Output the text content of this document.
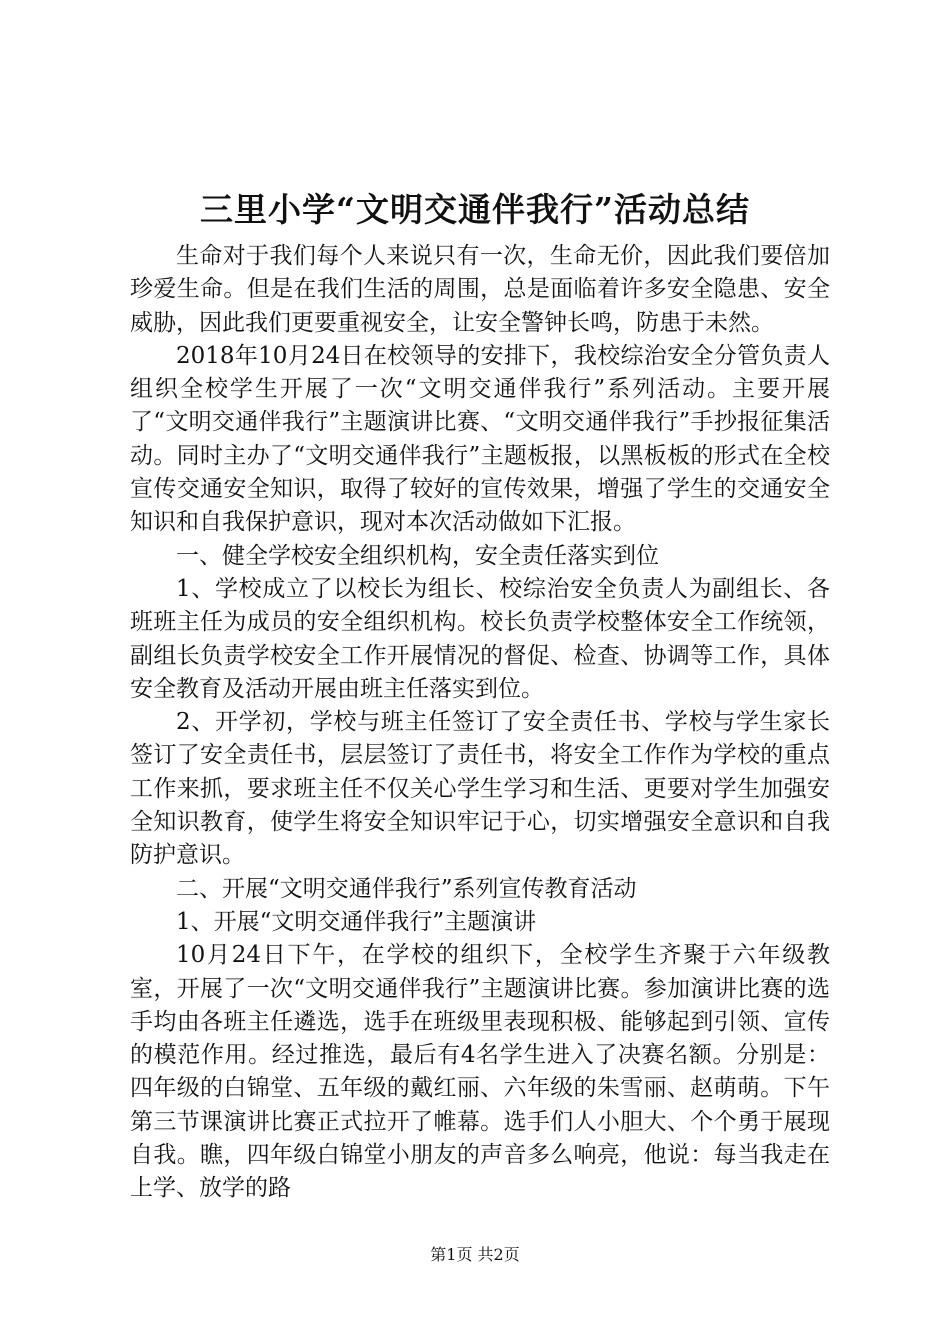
三里小学“文明交通伴我行”活动总结

生命对于我们每个人来说只有一次，生命无价，因此我们要倍加珍爱生命。但是在我们生活的周围，总是面临着许多安全隐患、安全威胁，因此我们更要重视安全，让安全警钟长鸣，防患于未然。

2018年10月24日在校领导的安排下，我校综治安全分管负责人组织全校学生开展了一次“文明交通伴我行”系列活动。主要开展了“文明交通伴我行”主题演讲比赛、“文明交通伴我行”手抄报征集活动。同时主办了“文明交通伴我行”主题板报，以黑板板的形式在全校宣传交通安全知识，取得了较好的宣传效果，增强了学生的交通安全知识和自我保护意识，现对本次活动做如下汇报。

一、健全学校安全组织机构，安全责任落实到位

1、学校成立了以校长为组长、校综治安全负责人为副组长、各班班主任为成员的安全组织机构。校长负责学校整体安全工作统领，副组长负责学校安全工作开展情况的督促、检查、协调等工作，具体安全教育及活动开展由班主任落实到位。

2、开学初，学校与班主任签订了安全责任书、学校与学生家长签订了安全责任书，层层签订了责任书，将安全工作作为学校的重点工作来抓，要求班主任不仅关心学生学习和生活、更要对学生加强安全知识教育，使学生将安全知识牢记于心，切实增强安全意识和自我防护意识。

二、开展“文明交通伴我行”系列宣传教育活动

1、开展“文明交通伴我行”主题演讲

10月24日下午，在学校的组织下，全校学生齐聚于六年级教室，开展了一次“文明交通伴我行”主题演讲比赛。参加演讲比赛的选手均由各班主任遴选，选手在班级里表现积极、能够起到引领、宣传的模范作用。经过推选，最后有4名学生进入了决赛名额。分别是：四年级的白锦堂、五年级的戴红丽、六年级的朱雪丽、赵萌萌。下午第三节课演讲比赛正式拉开了帷幕。选手们人小胆大、个个勇于展现自我。瞧，四年级白锦堂小朋友的声音多么响亮，他说：每当我走在上学、放学的路

第1页 共2页
